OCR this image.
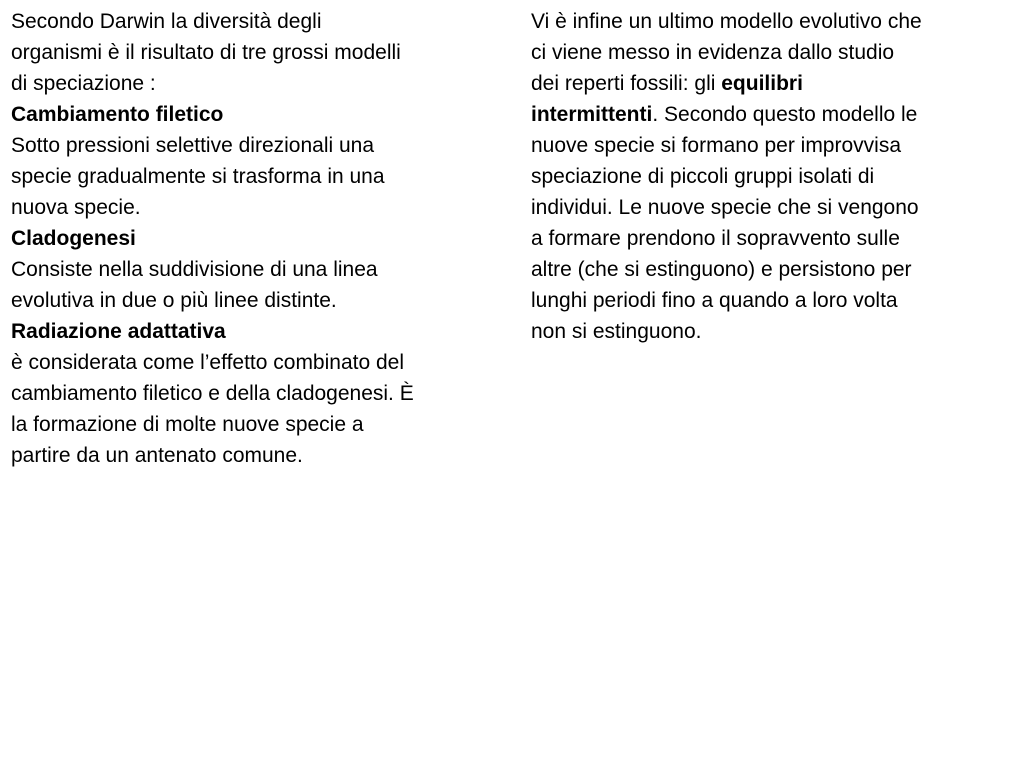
Secondo Darwin la diversità degli
organismi è il risultato di tre grossi modelli
di speciazione :
Cambiamento filetico
Sotto pressioni selettive direzionali una
specie gradualmente si trasforma in una
nuova specie.
Cladogenesi
Consiste nella suddivisione di una linea
evolutiva in due o più linee distinte.
Radiazione adattativa
è considerata come l’effetto combinato del
cambiamento filetico e della cladogenesi. È
la formazione di molte nuove specie a
partire da un antenato comune.
Vi è infine un ultimo modello evolutivo che
ci viene messo in evidenza dallo studio
dei reperti fossili: gli equilibri
intermittenti. Secondo questo modello le
nuove specie si formano per improvvisa
speciazione di piccoli gruppi isolati di
individui. Le nuove specie che si vengono
a formare prendono il sopravvento sulle
altre (che si estinguono) e persistono per
lunghi periodi fino a quando a loro volta
non si estinguono.
